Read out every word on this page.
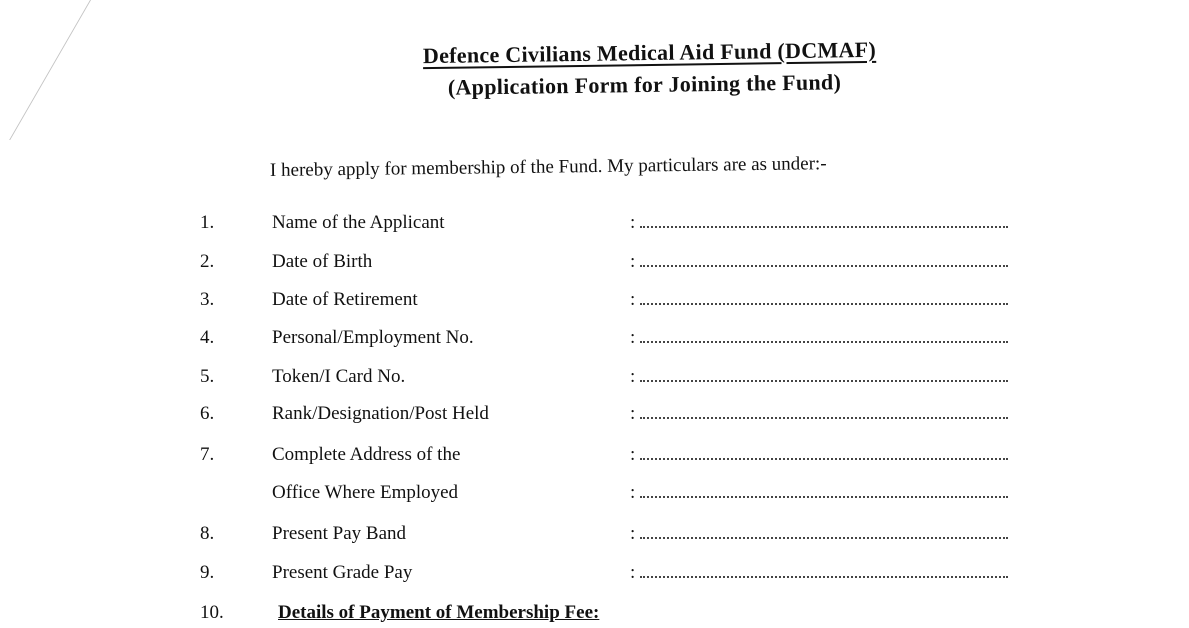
Defence Civilians Medical Aid Fund (DCMAF)
(Application Form for Joining the Fund)
I hereby apply for membership of the Fund. My particulars are as under:-
1.	Name of the Applicant	:
2.	Date of Birth	:
3.	Date of Retirement	:
4.	Personal/Employment No.	:
5.	Token/I Card No.	:
6.	Rank/Designation/Post Held	:
7.	Complete Address of the	:
Office Where Employed	:
8.	Present Pay Band	:
9.	Present Grade Pay	:
10.	Details of Payment of Membership Fee:
